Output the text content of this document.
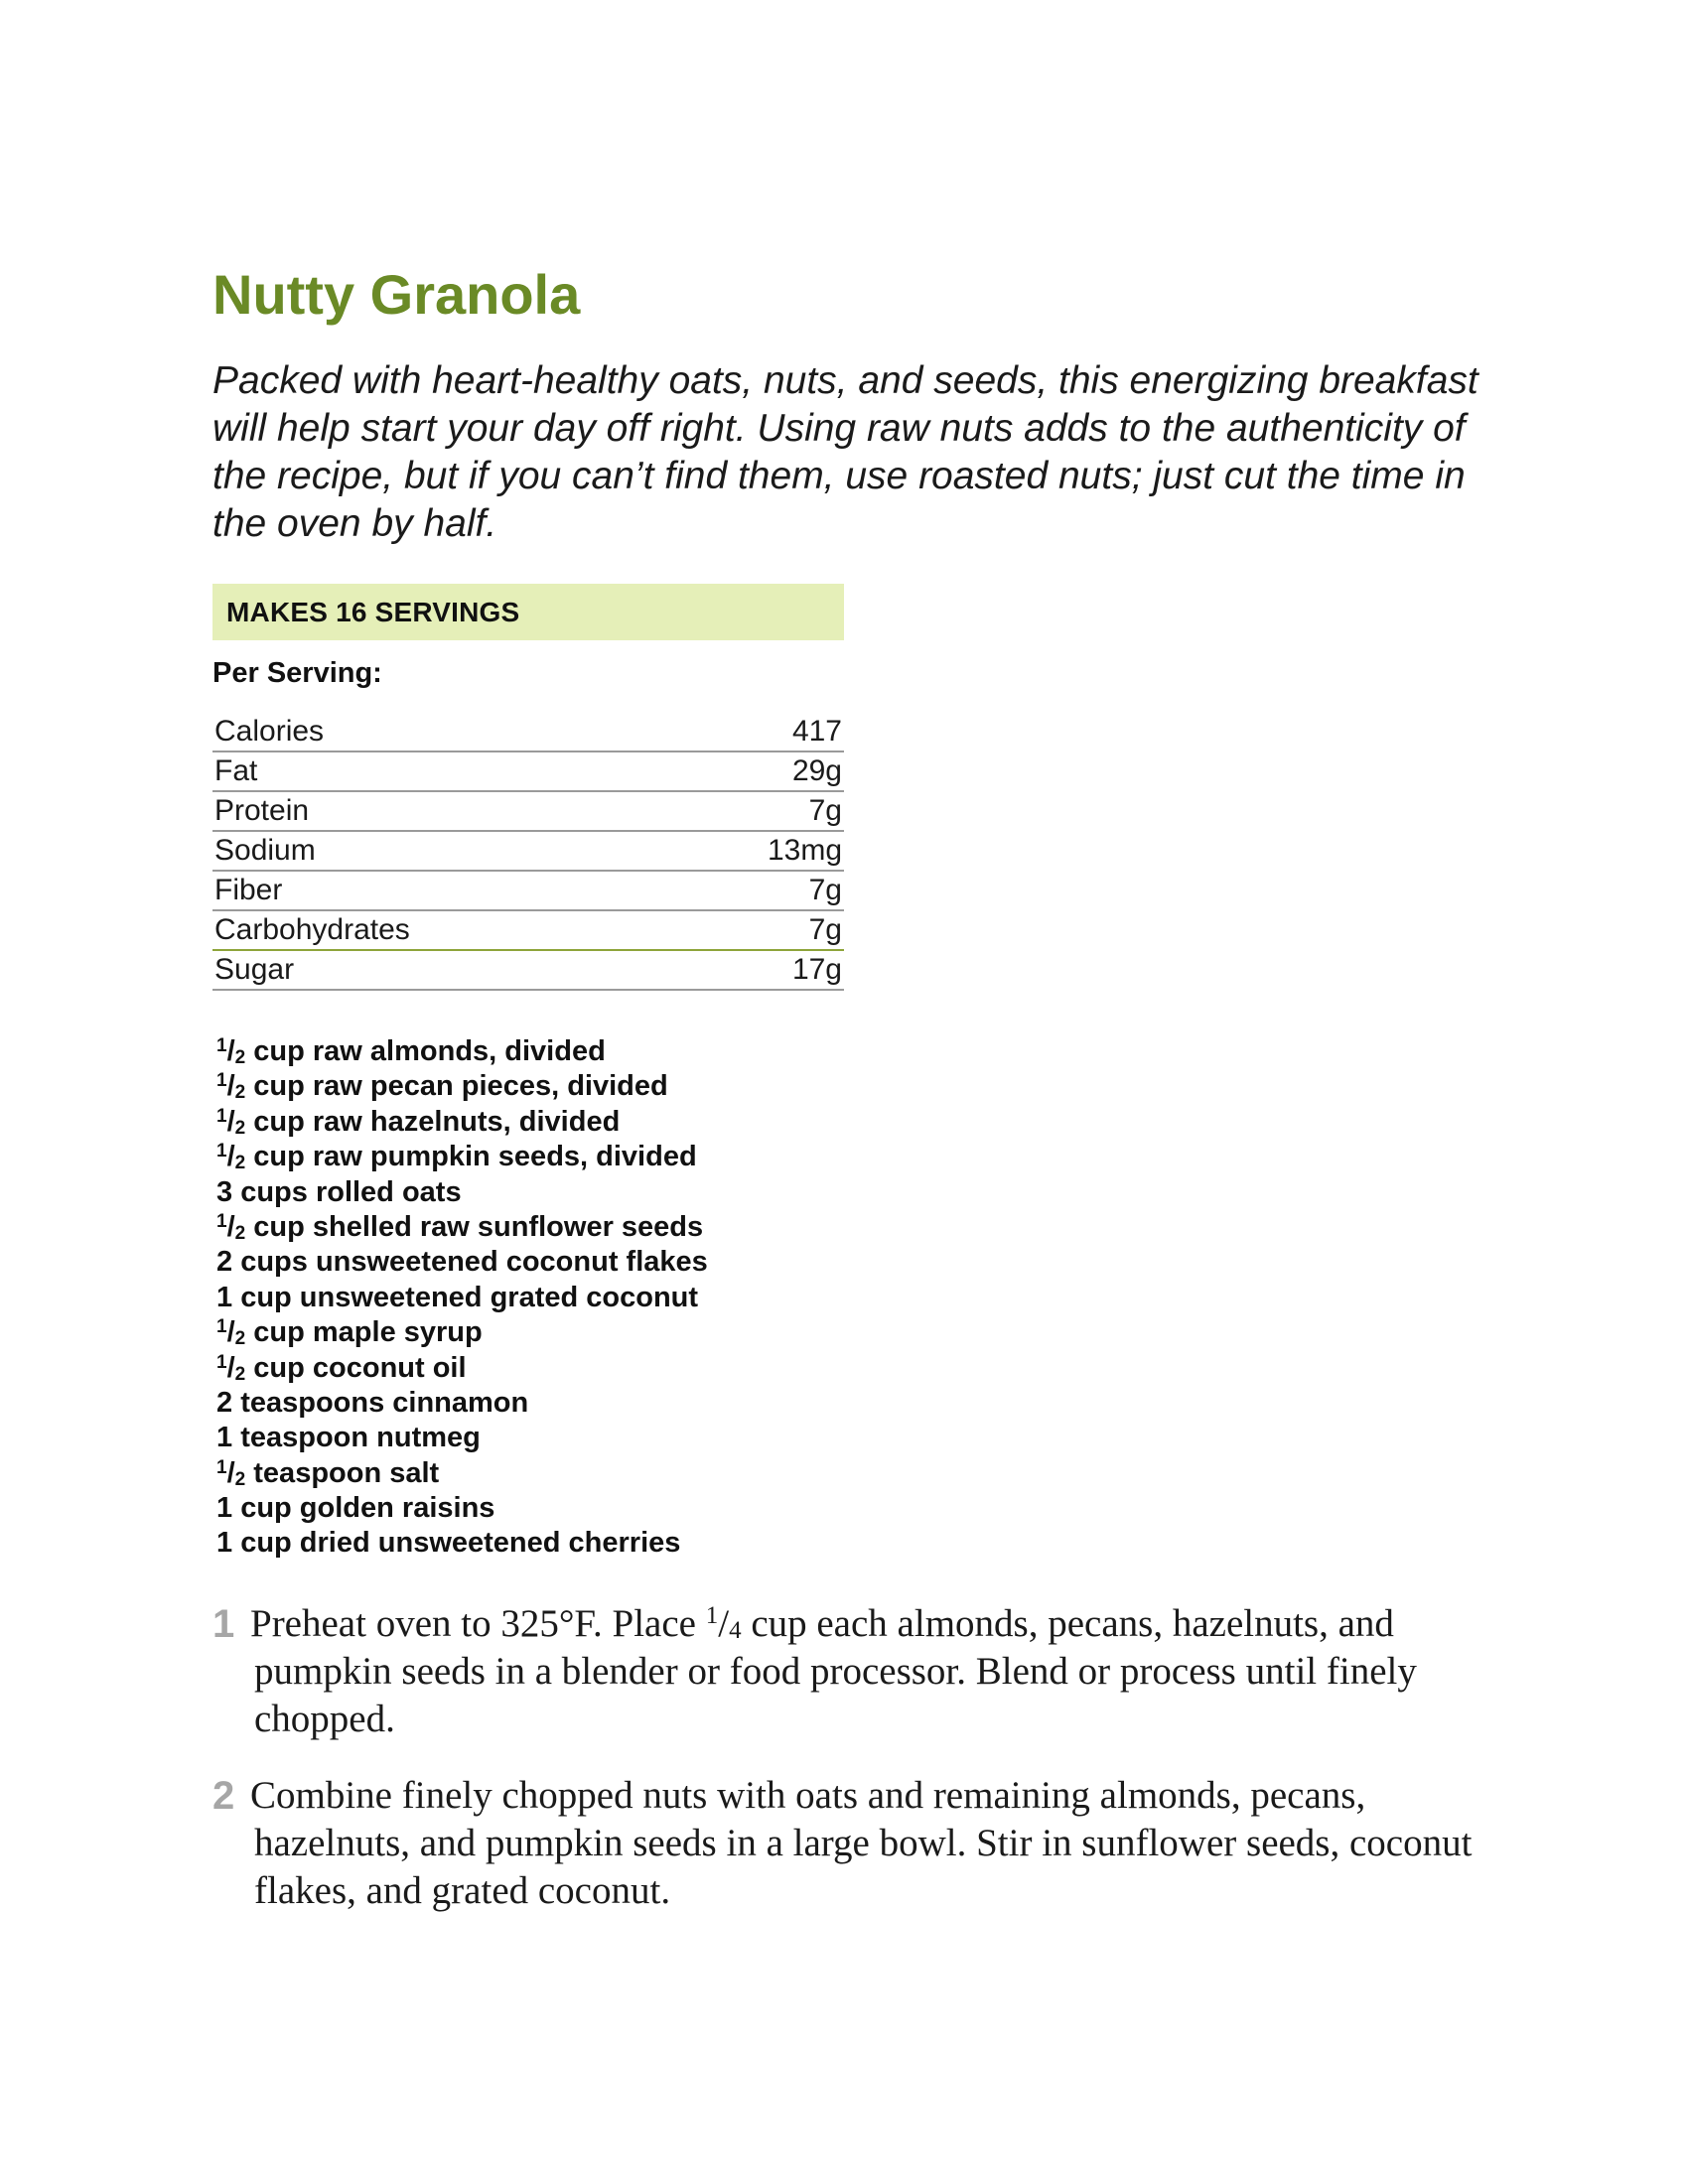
Nutty Granola

Packed with heart-healthy oats, nuts, and seeds, this energizing breakfast will help start your day off right. Using raw nuts adds to the authenticity of the recipe, but if you can’t find them, use roasted nuts; just cut the time in the oven by half.

MAKES 16 SERVINGS
Per Serving:
Calories	417
Fat	29g
Protein	7g
Sodium	13mg
Fiber	7g
Carbohydrates	7g
Sugar	17g
$^1/_2$ cup raw almonds, divided
$^1/_2$ cup raw pecan pieces, divided
$^1/_2$ cup raw hazelnuts, divided
$^1/_2$ cup raw pumpkin seeds, divided
3 cups rolled oats
$^1/_2$ cup shelled raw sunflower seeds
2 cups unsweetened coconut flakes
1 cup unsweetened grated coconut
$^1/_2$ cup maple syrup
$^1/_2$ cup coconut oil
2 teaspoons cinnamon
1 teaspoon nutmeg
$^1/_2$ teaspoon salt
1 cup golden raisins
1 cup dried unsweetened cherries
1 Preheat oven to 325°F. Place $^1/_4$ cup each almonds, pecans, hazelnuts, and pumpkin seeds in a blender or food processor. Blend or process until finely chopped.

2 Combine finely chopped nuts with oats and remaining almonds, pecans, hazelnuts, and pumpkin seeds in a large bowl. Stir in sunflower seeds, coconut flakes, and grated coconut.
